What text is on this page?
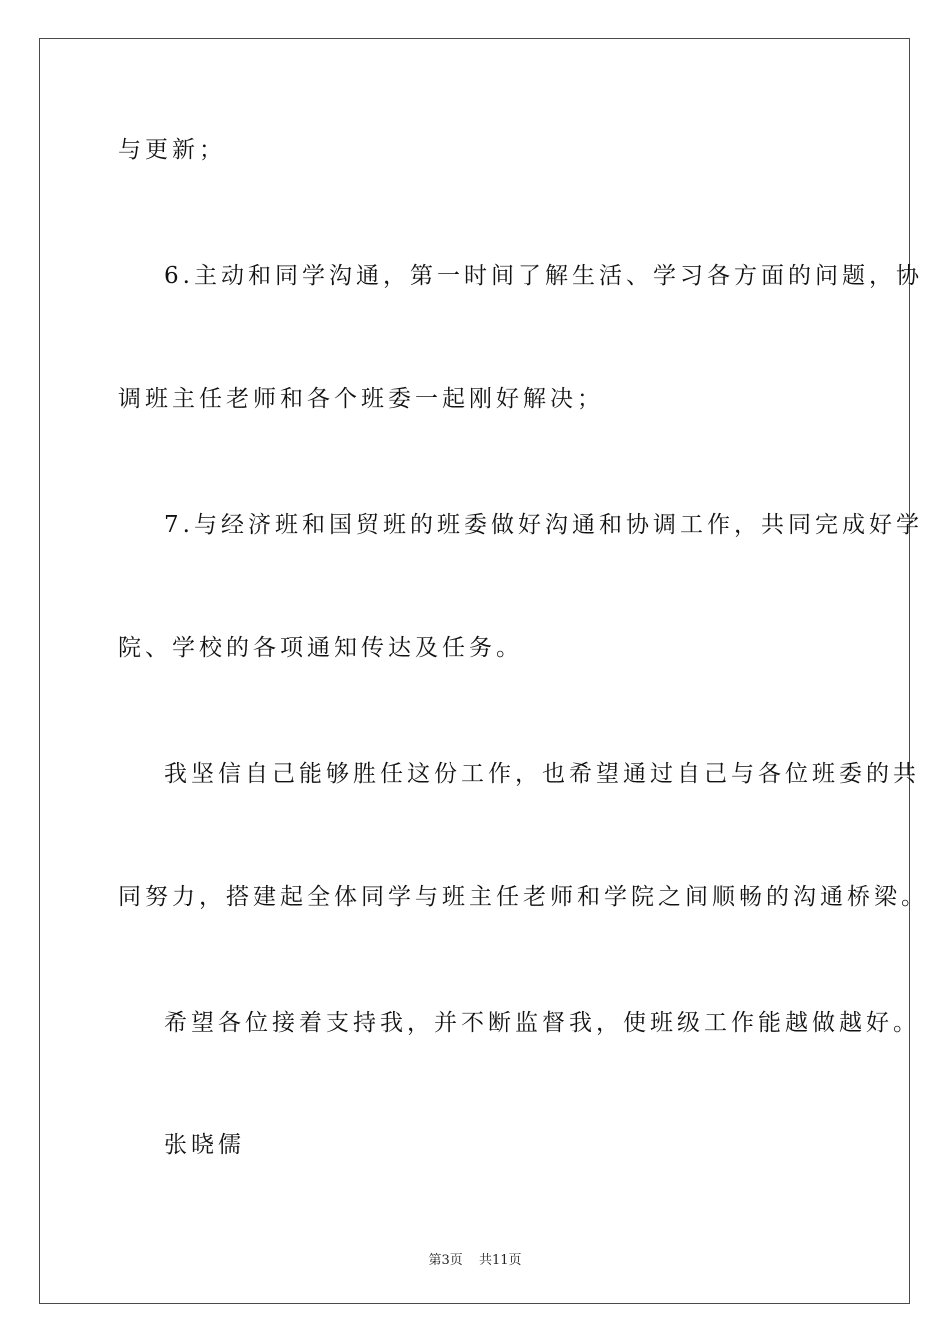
与更新；
6.主动和同学沟通，第一时间了解生活、学习各方面的问题，协
调班主任老师和各个班委一起刚好解决；
7.与经济班和国贸班的班委做好沟通和协调工作，共同完成好学
院、学校的各项通知传达及任务。
我坚信自己能够胜任这份工作，也希望通过自己与各位班委的共
同努力，搭建起全体同学与班主任老师和学院之间顺畅的沟通桥梁。
希望各位接着支持我，并不断监督我，使班级工作能越做越好。
张晓儒
第3页 共11页
